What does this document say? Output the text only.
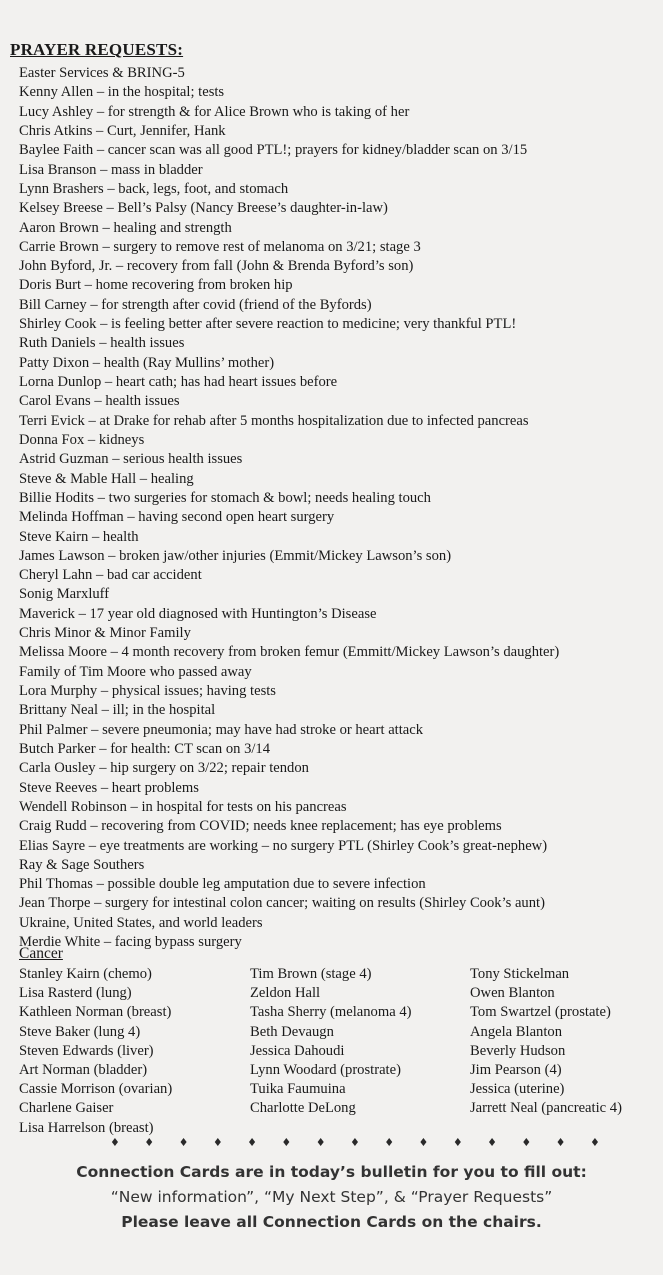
PRAYER REQUESTS:
Easter Services & BRING-5
Kenny Allen – in the hospital; tests
Lucy Ashley – for strength & for Alice Brown who is taking of her
Chris Atkins – Curt, Jennifer, Hank
Baylee Faith – cancer scan was all good PTL!; prayers for kidney/bladder scan on 3/15
Lisa Branson – mass in bladder
Lynn Brashers – back, legs, foot, and stomach
Kelsey Breese – Bell’s Palsy (Nancy Breese’s daughter-in-law)
Aaron Brown – healing and strength
Carrie Brown – surgery to remove rest of melanoma on 3/21; stage 3
John Byford, Jr. – recovery from fall (John & Brenda Byford’s son)
Doris Burt – home recovering from broken hip
Bill Carney – for strength after covid (friend of the Byfords)
Shirley Cook – is feeling better after severe reaction to medicine; very thankful PTL!
Ruth Daniels – health issues
Patty Dixon – health (Ray Mullins’ mother)
Lorna Dunlop – heart cath; has had heart issues before
Carol Evans – health issues
Terri Evick – at Drake for rehab after 5 months hospitalization due to infected pancreas
Donna Fox – kidneys
Astrid Guzman – serious health issues
Steve & Mable Hall – healing
Billie Hodits – two surgeries for stomach & bowl; needs healing touch
Melinda Hoffman – having second open heart surgery
Steve Kairn – health
James Lawson – broken jaw/other injuries (Emmit/Mickey Lawson’s son)
Cheryl Lahn – bad car accident
Sonig Marxluff
Maverick – 17 year old diagnosed with Huntington’s Disease
Chris Minor & Minor Family
Melissa Moore – 4 month recovery from broken femur (Emmitt/Mickey Lawson’s daughter)
Family of Tim Moore who passed away
Lora Murphy – physical issues; having tests
Brittany Neal – ill; in the hospital
Phil Palmer – severe pneumonia; may have had stroke or heart attack
Butch Parker – for health: CT scan on 3/14
Carla Ousley – hip surgery on 3/22; repair tendon
Steve Reeves – heart problems
Wendell Robinson – in hospital for tests on his pancreas
Craig Rudd – recovering from COVID; needs knee replacement; has eye problems
Elias Sayre – eye treatments are working – no surgery PTL (Shirley Cook’s great-nephew)
Ray & Sage Southers
Phil Thomas – possible double leg amputation due to severe infection
Jean Thorpe – surgery for intestinal colon cancer; waiting on results (Shirley Cook’s aunt)
Ukraine, United States, and world leaders
Merdie White – facing bypass surgery
Cancer
Stanley Kairn (chemo)
Lisa Rasterd (lung)
Kathleen Norman (breast)
Steve Baker (lung 4)
Steven Edwards (liver)
Art Norman (bladder)
Cassie Morrison (ovarian)
Charlene Gaiser
Lisa Harrelson (breast)
Tim Brown (stage 4)
Zeldon Hall
Tasha Sherry (melanoma 4)
Beth Devaugn
Jessica Dahoudi
Lynn Woodard (prostrate)
Tuika Faumuina
Charlotte DeLong
Tony Stickelman
Owen Blanton
Tom Swartzel (prostate)
Angela Blanton
Beverly Hudson
Jim Pearson (4)
Jessica (uterine)
Jarrett Neal (pancreatic 4)
♦ ♦ ♦ ♦ ♦ ♦ ♦ ♦ ♦ ♦ ♦ ♦ ♦ ♦ ♦
Connection Cards are in today’s bulletin for you to fill out:
“New information”, “My Next Step”, & “Prayer Requests”
Please leave all Connection Cards on the chairs.
